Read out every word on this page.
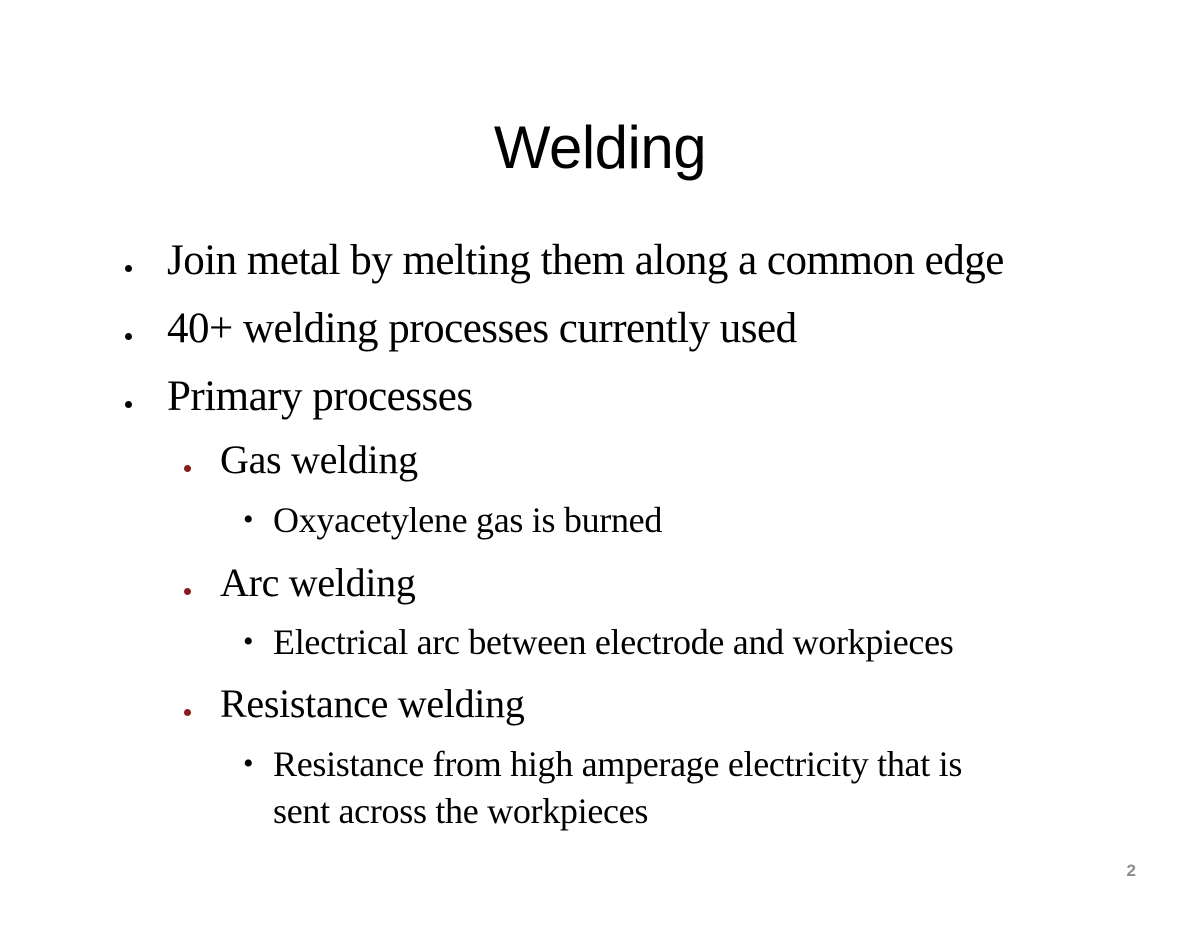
Welding
Join metal by melting them along a common edge
40+ welding processes currently used
Primary processes
Gas welding
• Oxyacetylene gas is burned
Arc welding
• Electrical arc between electrode and workpieces
Resistance welding
• Resistance from high amperage electricity that is
sent across the workpieces
2
